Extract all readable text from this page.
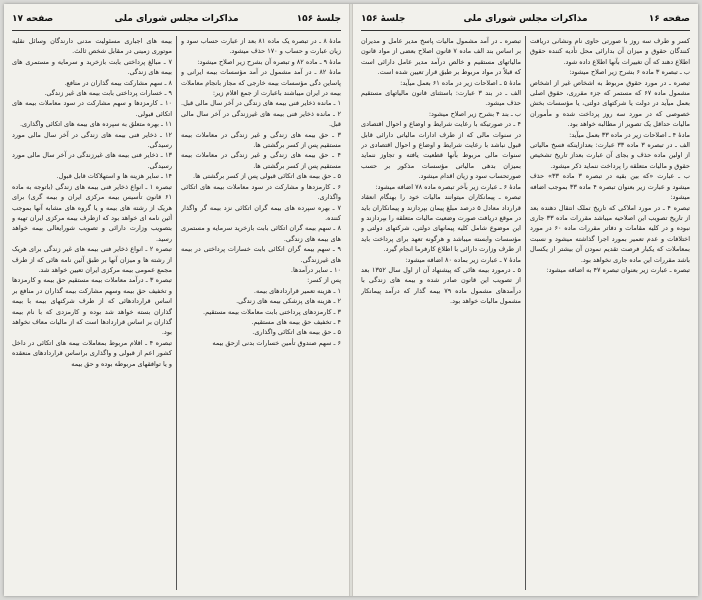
صفحه ۱۷	مذاکرات مجلس شورای ملی	جلسهٔ ۱۵۶

مادهٔ ۸ ـ در تبصره یک ماده ۸۱ بعد از عبارت حساب سود و زیان عبارت و حساب و ۱۷۰ حذف میشود.

مادهٔ ۹ ـ ماده ۸۲ و تبصره آن بشرح زیر اصلاح میشود:

مادهٔ ۸۲ ـ در آمد مشمول در آمد مؤسسات بیمه ایرانی و پاساین دگی مؤسسات بیمه خارجی که مجاز بانجام معاملات بیمه در ایران میباشند باعبارت از جمع اقلام زیر:

۱ ـ مانده ذخایر فنی بیمه های زندگی در آخر سال مالی قبل.

۲ ـ مانده ذخایر فنی بیمه های غیرزندگی در آخر سال مالی قبل.

۳ ـ حق بیمه های زندگی و غیر زندگی در معاملات بیمه مستقیم پس از کسر برگشتی ها.

۴ ـ حق بیمه های زندگی و غیر زندگی در معاملات بیمه مستقیم پس از کسر برگشتی ها.

۵ ـ حق بیمه های اتکائی قبولی پس از کسر برگشتی ها.

۶ ـ کارمزدها و مشارکت در سود معاملات بیمه های اتکائی واگذاری.

۷ ـ بهره سپرده های بیمه گران اتکائی نزد بیمه گر واگذار کننده.

۸ ـ سهم بیمه گران اتکائی بابت بازخرید سرمایه و مستمری های بیمه های زندگی.

۹ ـ سهم بیمه گران اتکائی بابت خسارات پرداختی در بیمه های غیرزندگی.

۱۰ ـ سایر درآمدها.

پس از کسر:

۱ ـ هزینه تعمیر قراردادهای بیمه.

۲ ـ هزینه های پزشکی بیمه های زندگی.

۳ ـ کارمزدهای پرداختی بابت معاملات بیمه مستقیم.

۴ ـ تخفیف حق بیمه های مستقیم.

۵ ـ حق بیمه های اتکائی واگذاری.

۶ ـ سهم صندوق تأمین خسارات بدنی ازحق بیمه

بیمه های اجباری مسئولیت مدنی دارندگان وسائل نقلیه موتوری زمینی در مقابل شخص ثالث.

۷ ـ مبالغ پرداختی بابت بازخرید و سرمایه و مستمری های بیمه های زندگی.

۸ ـ سهم مشارکت بیمه گذاران در منافع.

۹ ـ خسارات پرداختی بابت بیمه های غیر زندگی.

۱۰ ـ کارمزدها و سهم مشارکت در سود معاملات بیمه های اتکائی قبولی.

۱۱ ـ بهره متعلق به سپرده های بیمه های اتکائی واگذاری.

۱۲ ـ ذخایر فنی بیمه های زندگی در آخر سال مالی مورد رسیدگی.

۱۳ ـ ذخایر فنی بیمه های غیرزندگی در آخر سال مالی مورد رسیدگی.

۱۴ ـ سایر هزینه ها و استهلاکات قابل قبول.

تبصره ۱ ـ انواع ذخایر فنی بیمه های زندگی (باتوجه به ماده ۶۱ قانون تأسیس بیمه مرکزی ایران و بیمه گری) برای هریک از رشته های بیمه و یا گروه های مشابه آنها بموجب آئین نامه ای خواهد بود که ازطرف بیمه مرکزی ایران تهیه و بتصویب وزارت دارائی و تصویب شورایعالی بیمه خواهد رسید.

تبصره ۲ ـ انواع ذخایر فنی بیمه های غیر زندگی برای هریک از رشته ها و میزان آنها بر طبق آئین نامه هائی که از طرف مجمع عمومی بیمه مرکزی ایران تعیین خواهد شد.

تبصره ۳ ـ درآمد معاملات بیمه مستقیم حق بیمه و کارمزدها و تخفیف حق بیمه وسهم مشارکت بیمه گذاران در منافع بر اساس قراردادهائی که از طرف شرکتهای بیمه با بیمه گذاران بسته خواهد شد بوده و کارمزدی که با نام بیمه گذاران بر اساس قراردادها است که از مالیات معاف نخواهد بود.

تبصره ۴ ـ اقلام مربوط بمعاملات بیمه های اتکائی در داخل کشور اعم از قبولی و واگذاری براساس قراردادهای منعقده و یا توافقهای مربوطه بوده و حق بیمه

صفحه ۱۶
مذاکرات مجلس شورای ملی
جلسهٔ ۱۵۶

کسر و طرف سه روز با صورتی حاوی نام ونشانی دریافت کنندگان حقوق و میزان آن بدارائی محل تأدیه کننده حقوق اطلاع دهند که آن تغییرات بآنها اطلاع داده شود.

ب ـ تبصره ۳ ماده ۶ بشرح زیر اصلاح میشود:

تبصره ـ در مورد حقوق مربوط به اشخاص غیر از اشخاص مشمول ماده ۶۷ که مستمر که جزء مقرری، حقوق اصلی بعمل میآید در دولت یا شرکتهای دولتی، یا مؤسسات بخش خصوصی که در مورد سه روز پرداخت شده و مأموران مالیات حداقل یک تصویر از مطالبه خواهد بود.

مادهٔ ۴ ـ اصلاحات زیر در ماده ۳۳ بعمل میآید:

الف ـ در تبصره ۳ ماده ۳۳ عبارت: بعدازاینکه فسخ مالیاتی از اولین ماده حذف و بجای آن عبارت بعداز تاریخ تشخیص حقوق و مالیات متعلقه را پرداخت ننماید ذکر میشود.

ب ـ عبارت «که بین بقیه در تبصره ۳ ماده ۳۳» حذف میشود و عبارت زیر بعنوان تبصره ۴ ماده ۳۳ بموجب اضافه میشود:

تبصره ۴ ـ در مورد املاکی که تاریخ تملک انتقال دهنده بعد از تاریخ تصویب این اصلاحیه میباشد مقررات ماده ۳۳ جاری نبوده و در کلیه مقامات و دفاتر مقررات ماده ۶۰ در مورد اختلافات و عدم تعمیر بمورد اجرا گذاشته میشود و نسبت بمعاملات که یکبار فرصت تقدیم نمودن آن بیشتر از یکسال باشد مقررات این ماده جاری نخواهد بود.

تبصره ـ عبارت زیر بعنوان تبصره ۴۷ به اضافه میشود:

تبصره ـ در آمد مشمول مالیات پاسخ مدیر عامل و مدیران بر اساس بند الف ماده ۷ قانون اصلاح بعضی از مواد قانون مالیاتهای مستقیم و خالص درآمد مدیر عامل دارائی است که قبلاً در مواد مربوط بر طبق قرار تعیین شده است.

مادهٔ ۵ ـ اصلاحات زیر در ماده ۶۱ بعمل میآید:

الف ـ در بند ۳ عبارت: باستثنای قانون مالیاتهای مستقیم حذف میشود.

ب ـ بند ۴ بشرح زیر اصلاح میشود:

۴ ـ در صورتیکه با رعایت شرایط و اوضاع و احوال اقتصادی در سنوات مالی که از طرف ادارات مالیاتی دارائی قابل قبول نباشد با رعایت شرایط و اوضاع و احوال اقتصادی در سنوات مالی مربوط بآنها قطعیت یافته و تجاوز ننماید بمیزان بدهی مالیاتی مؤسسات مذکور بر حسب صورتحساب سود و زیان اقدام میشود.

مادهٔ ۶ ـ عبارت زیر بآخر تبصره ماده ۷۸ اضافه میشود:

تبصره ـ پیمانکاران میتوانند مالیات خود را بهنگام انعقاد قرارداد معادل ۵ درصد مبلغ پیمان بپردازند و پیمانکاران باید در موقع دریافت صورت وضعیت مالیات متعلقه را بپردازند و این موضوع شامل کلیه پیمانهای دولتی، شرکتهای دولتی و مؤسسات وابسته میباشد و هرگونه تعهد برای پرداخت باید از طرف وزارت دارائی با اطلاع کارفرما انجام گیرد.

مادهٔ ۷ ـ عبارت زیر بماده ۸۰ اضافه میشود:

۵ ـ درمورد بیمه هائی که پیشنهاد آن از اول سال ۱۳۵۲ بعد از تصویب این قانون صادر شده و بیمه های زندگی با درآمدهای مشمول ماده ۷۹ بیمه گذار که درآمد پیمانکار مشمول مالیات خواهد بود.
